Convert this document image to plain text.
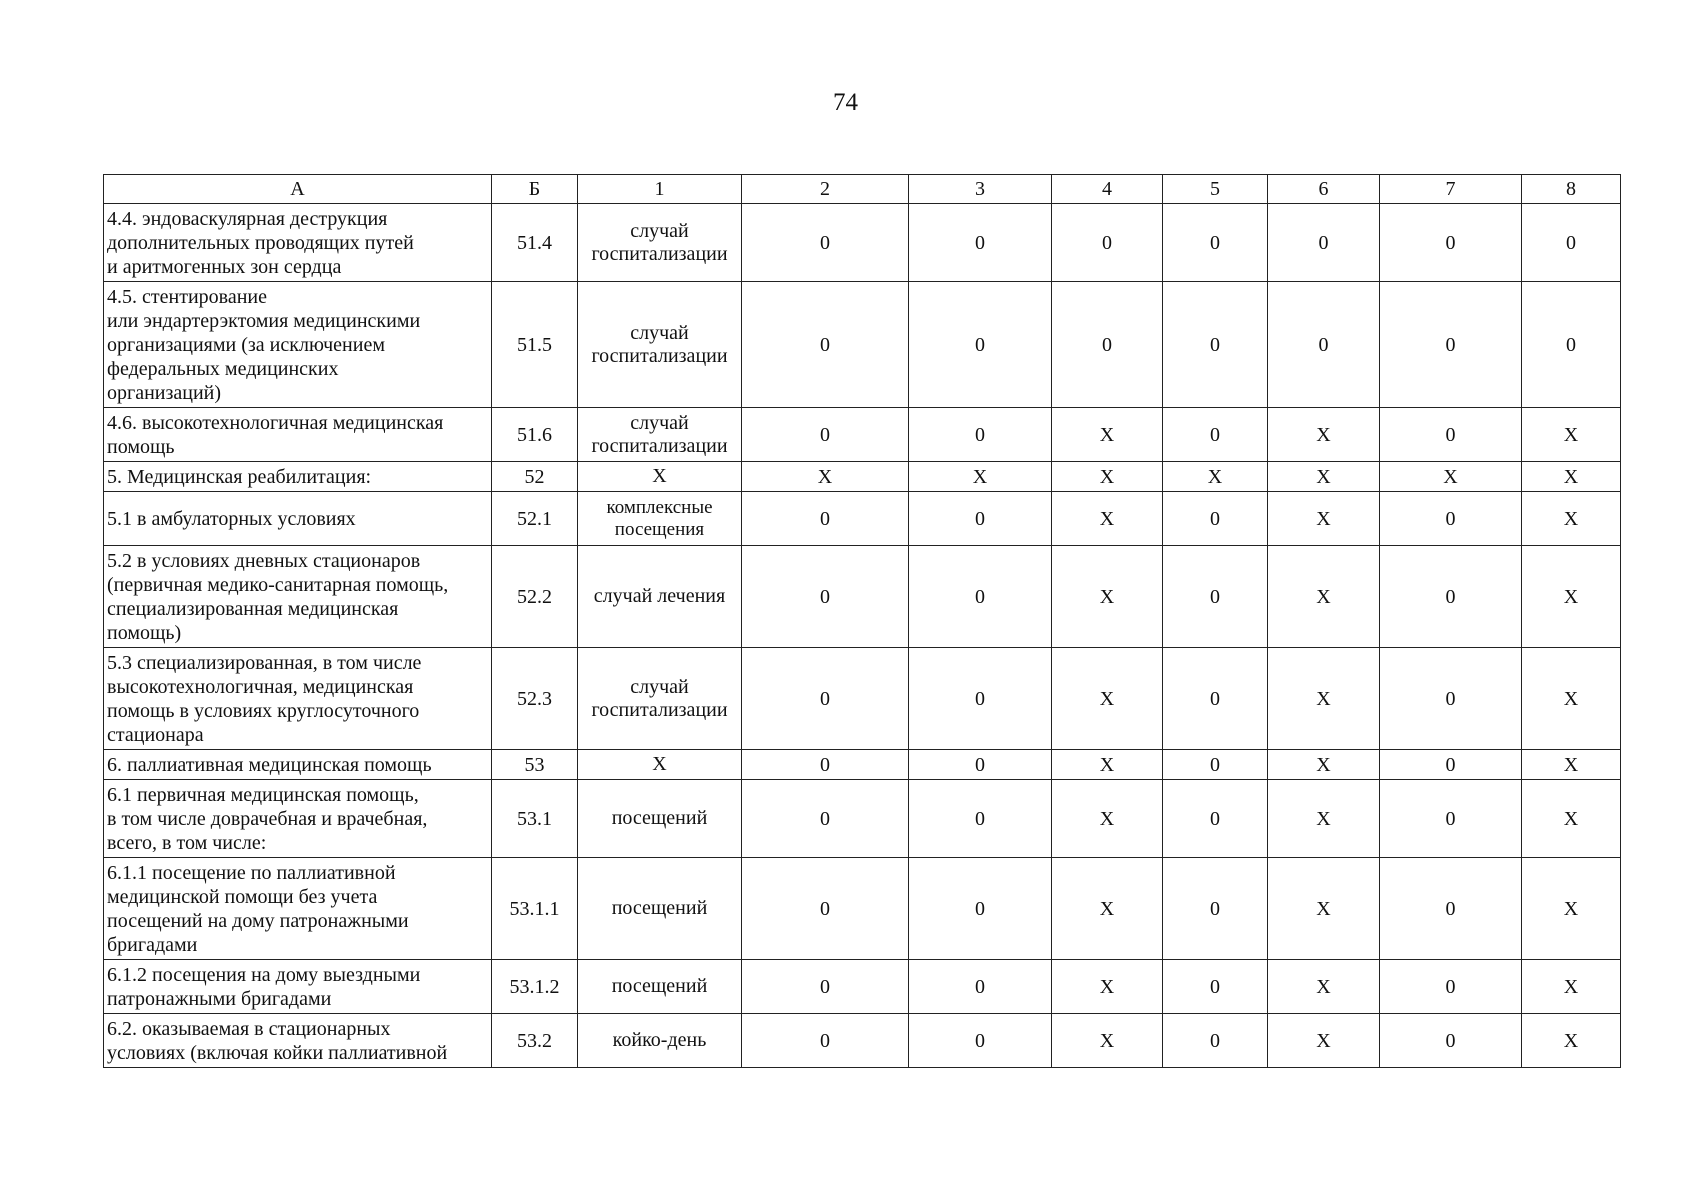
74
А	Б	1	2	3	4	5	6	7	8
4.4. эндоваскулярная деструкция
дополнительных проводящих путей
и аритмогенных зон сердца	51.4	случай
госпитализации	0	0	0	0	0	0	0
4.5. стентирование
или эндартерэктомия медицинскими
организациями (за исключением
федеральных медицинских
организаций)	51.5	случай
госпитализации	0	0	0	0	0	0	0
4.6. высокотехнологичная медицинская
помощь	51.6	случай
госпитализации	0	0	Х	0	Х	0	Х
5. Медицинская реабилитация:	52	Х	Х	Х	Х	Х	Х	Х	Х
5.1 в амбулаторных условиях	52.1	комплексные
посещения	0	0	Х	0	Х	0	Х
5.2 в условиях дневных стационаров
(первичная медико-санитарная помощь,
специализированная медицинская
помощь)	52.2	случай лечения	0	0	Х	0	Х	0	Х
5.3 специализированная, в том числе
высокотехнологичная, медицинская
помощь в условиях круглосуточного
стационара	52.3	случай
госпитализации	0	0	Х	0	Х	0	Х
6. паллиативная медицинская помощь	53	Х	0	0	Х	0	Х	0	Х
6.1 первичная медицинская помощь,
в том числе доврачебная и врачебная,
всего, в том числе:	53.1	посещений	0	0	Х	0	Х	0	Х
6.1.1 посещение по паллиативной
медицинской помощи без учета
посещений на дому патронажными
бригадами	53.1.1	посещений	0	0	Х	0	Х	0	Х
6.1.2 посещения на дому выездными
патронажными бригадами	53.1.2	посещений	0	0	Х	0	Х	0	Х
6.2. оказываемая в стационарных
условиях (включая койки паллиативной	53.2	койко-день	0	0	Х	0	Х	0	Х
